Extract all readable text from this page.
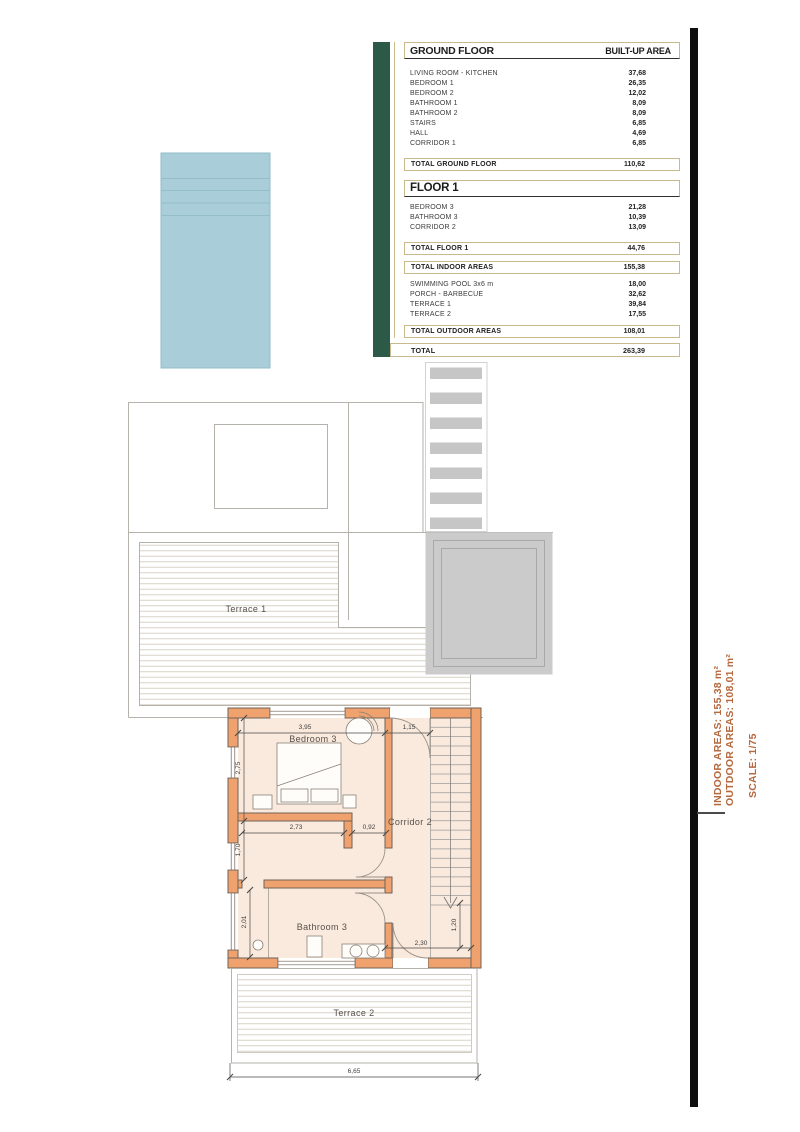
3,95	1,15
2,75
2,73	0,92
1,70
2,01
2,30
1,20
6,65
Terrace 1
Bedroom 3
Corridor 2
Bathroom 3
Terrace 2
GROUND FLOOR	BUILT-UP AREA
LIVING ROOM - KITCHEN	37,68
BEDROOM 1	26,35
BEDROOM 2	12,02
BATHROOM 1	8,09
BATHROOM 2	8,09
STAIRS	6,85
HALL	4,69
CORRIDOR 1	6,85
TOTAL GROUND FLOOR	110,62
FLOOR 1
BEDROOM 3	21,28
BATHROOM 3	10,39
CORRIDOR 2	13,09
TOTAL FLOOR 1	44,76
TOTAL INDOOR AREAS	155,38
SWIMMING POOL 3x6 m	18,00
PORCH - BARBECUE	32,62
TERRACE 1	39,84
TERRACE 2	17,55
TOTAL OUTDOOR AREAS	108,01
TOTAL	263,39
INDOOR AREAS: 155,38 m² OUTDOOR AREAS: 108,01 m² SCALE: 1/75
